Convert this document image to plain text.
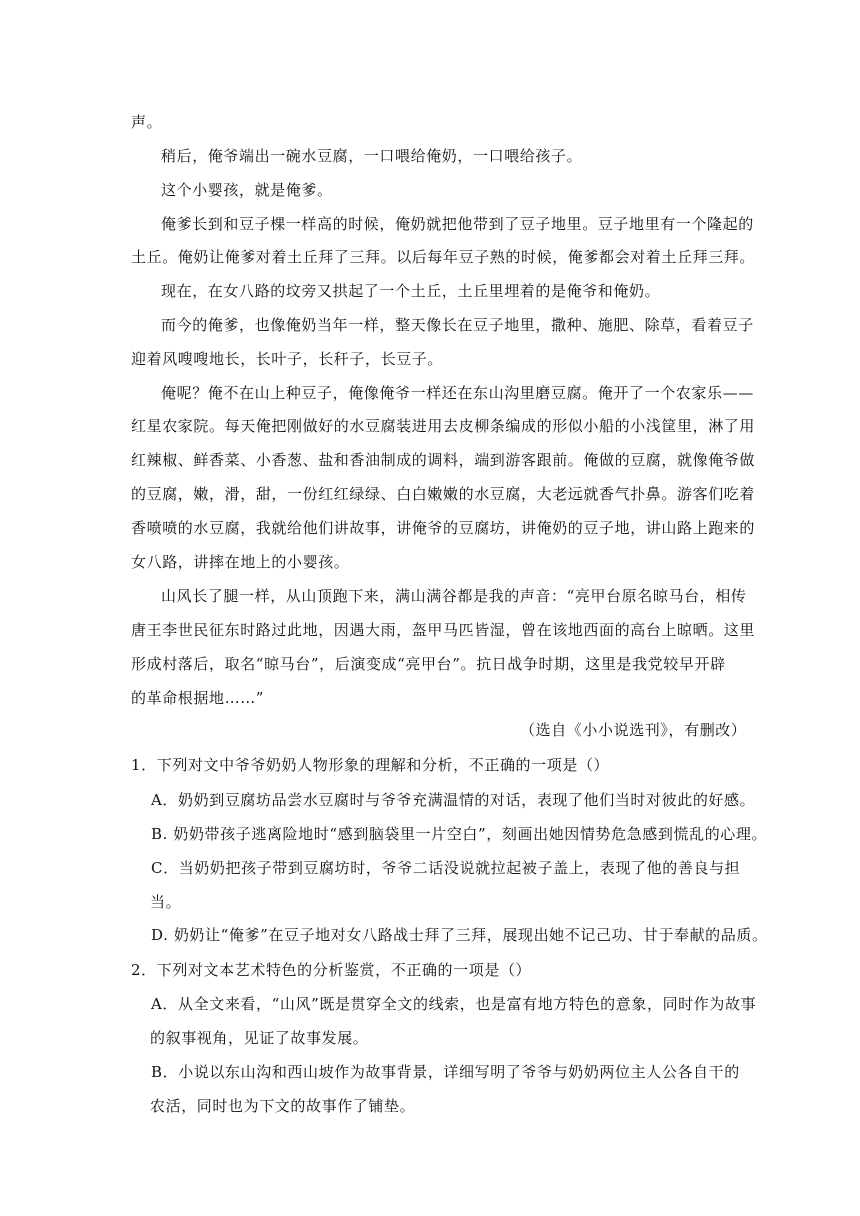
声。
稍后，俺爷端出一碗水豆腐，一口喂给俺奶，一口喂给孩子。
这个小婴孩，就是俺爹。
俺爹长到和豆子棵一样高的时候，俺奶就把他带到了豆子地里。豆子地里有一个隆起的
土丘。俺奶让俺爹对着土丘拜了三拜。以后每年豆子熟的时候，俺爹都会对着土丘拜三拜。
现在，在女八路的坟旁又拱起了一个土丘，土丘里埋着的是俺爷和俺奶。
而今的俺爹，也像俺奶当年一样，整天像长在豆子地里，撒种、施肥、除草，看着豆子
迎着风嗖嗖地长，长叶子，长秆子，长豆子。
俺呢？俺不在山上种豆子，俺像俺爷一样还在东山沟里磨豆腐。俺开了一个农家乐——
红星农家院。每天俺把刚做好的水豆腐装进用去皮柳条编成的形似小船的小浅筐里，淋了用
红辣椒、鲜香菜、小香葱、盐和香油制成的调料，端到游客跟前。俺做的豆腐，就像俺爷做
的豆腐，嫩，滑，甜，一份红红绿绿、白白嫩嫩的水豆腐，大老远就香气扑鼻。游客们吃着
香喷喷的水豆腐，我就给他们讲故事，讲俺爷的豆腐坊，讲俺奶的豆子地，讲山路上跑来的
女八路，讲摔在地上的小婴孩。
山风长了腿一样，从山顶跑下来，满山满谷都是我的声音：“亮甲台原名晾马台，相传
唐王李世民征东时路过此地，因遇大雨，盔甲马匹皆湿，曾在该地西面的高台上晾晒。这里
形成村落后，取名“晾马台”，后演变成“亮甲台”。抗日战争时期，这里是我党较早开辟
的革命根据地……”
（选自《小小说选刊》，有删改）
1．下列对文中爷爷奶奶人物形象的理解和分析，不正确的一项是（）
A．奶奶到豆腐坊品尝水豆腐时与爷爷充满温情的对话，表现了他们当时对彼此的好感。
B. 奶奶带孩子逃离险地时“感到脑袋里一片空白”，刻画出她因情势危急感到慌乱的心理。
C．当奶奶把孩子带到豆腐坊时，爷爷二话没说就拉起被子盖上，表现了他的善良与担
当。
D. 奶奶让“俺爹”在豆子地对女八路战士拜了三拜，展现出她不记己功、甘于奉献的品质。
2．下列对文本艺术特色的分析鉴赏，不正确的一项是（）
A．从全文来看，“山风”既是贯穿全文的线索，也是富有地方特色的意象，同时作为故事
的叙事视角，见证了故事发展。
B．小说以东山沟和西山坡作为故事背景，详细写明了爷爷与奶奶两位主人公各自干的
农活，同时也为下文的故事作了铺垫。
